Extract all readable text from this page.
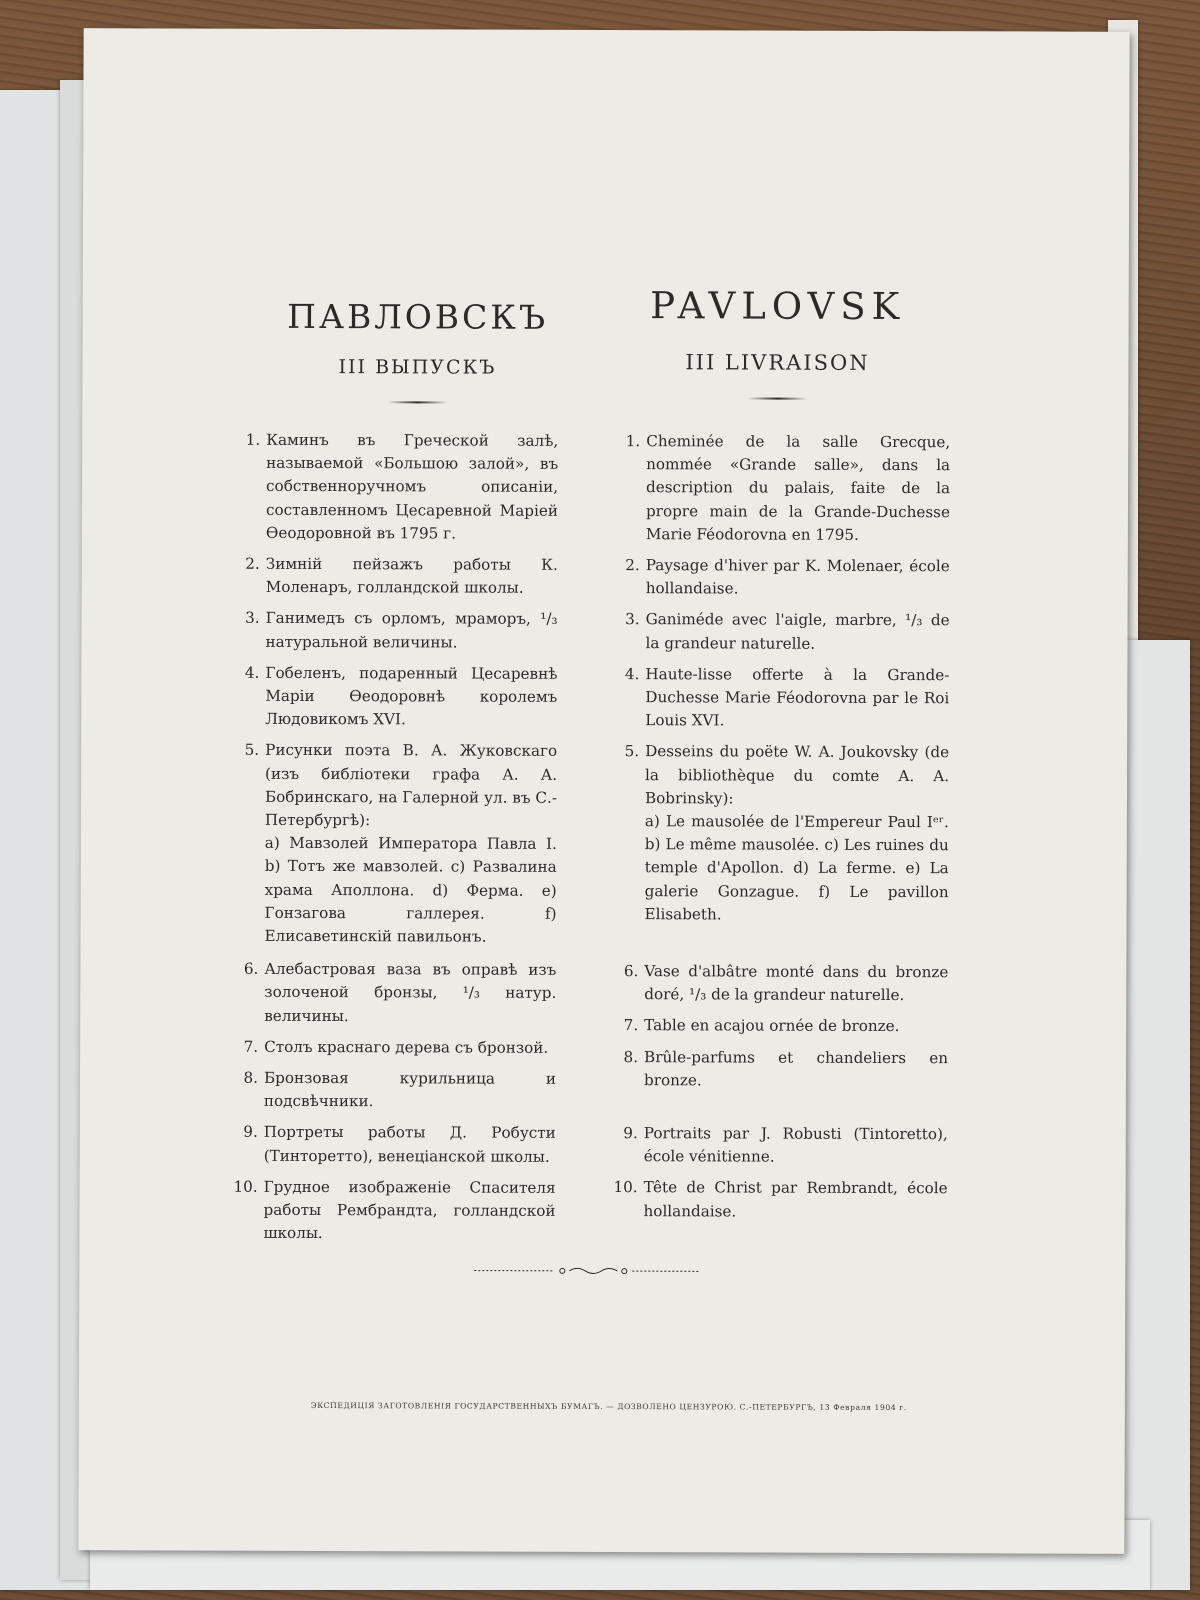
ПАВЛОВСКЪ	PAVLOVSK
III ВЫПУСКЪ	III LIVRAISON
1. Каминъ въ Греческой залѣ, называемой «Большою залой», въ собственноручномъ описаніи, составленномъ Цесаревной Маріей Ѳеодоровной въ 1795 г.
2. Зимній пейзажъ работы К. Моленаръ, голландской школы.
3. Ганимедъ съ орломъ, мраморъ, ¹/₃ натуральной величины.
4. Гобеленъ, подаренный Цесаревнѣ Маріи Ѳеодоровнѣ королемъ Людовикомъ XVI.
5. Рисунки поэта В. А. Жуковскаго (изъ библіотеки графа А. А. Бобринскаго, на Галерной ул. въ С.-Петербургѣ):
а) Мавзолей Императора Павла I. b) Тотъ же мавзолей. c) Развалина храма Аполлона. d) Ферма. e) Гонзагова галлерея. f) Елисаветинскій павильонъ.
6. Алебастровая ваза въ оправѣ изъ золоченой бронзы, ¹/₃ натур. величины.
7. Столъ краснаго дерева съ бронзой.
8. Бронзовая курильница и подсвѣчники.
9. Портреты работы Д. Робусти (Тинторетто), венеціанской школы.
10. Грудное изображеніе Спасителя работы Рембрандта, голландской школы.
1. Cheminée de la salle Grecque, nommée «Grande salle», dans la description du palais, faite de la propre main de la Grande-Duchesse Marie Féodorovna en 1795.
2. Paysage d'hiver par K. Molenaer, école hollandaise.
3. Ganiméde avec l'aigle, marbre, ¹/₃ de la grandeur naturelle.
4. Haute-lisse offerte à la Grande-Duchesse Marie Féodorovna par le Roi Louis XVI.
5. Desseins du poëte W. A. Joukovsky (de la bibliothèque du comte A. A. Bobrinsky):
a) Le mausolée de l'Empereur Paul Iᵉʳ. b) Le même mausolée. c) Les ruines du temple d'Apollon. d) La ferme. e) La galerie Gonzague. f) Le pavillon Elisabeth.
6. Vase d'albâtre monté dans du bronze doré, ¹/₃ de la grandeur naturelle.
7. Table en acajou ornée de bronze.
8. Brûle-parfums et chandeliers en bronze.
9. Portraits par J. Robusti (Tintoretto), école vénitienne.
10. Tête de Christ par Rembrandt, école hollandaise.
ЭКСПЕДИЦІЯ ЗАГОТОВЛЕНІЯ ГОСУДАРСТВЕННЫХЪ БУМАГЪ. — ДОЗВОЛЕНО ЦЕНЗУРОЮ. С.-ПЕТЕРБУРГЪ, 13 Февраля 1904 г.
